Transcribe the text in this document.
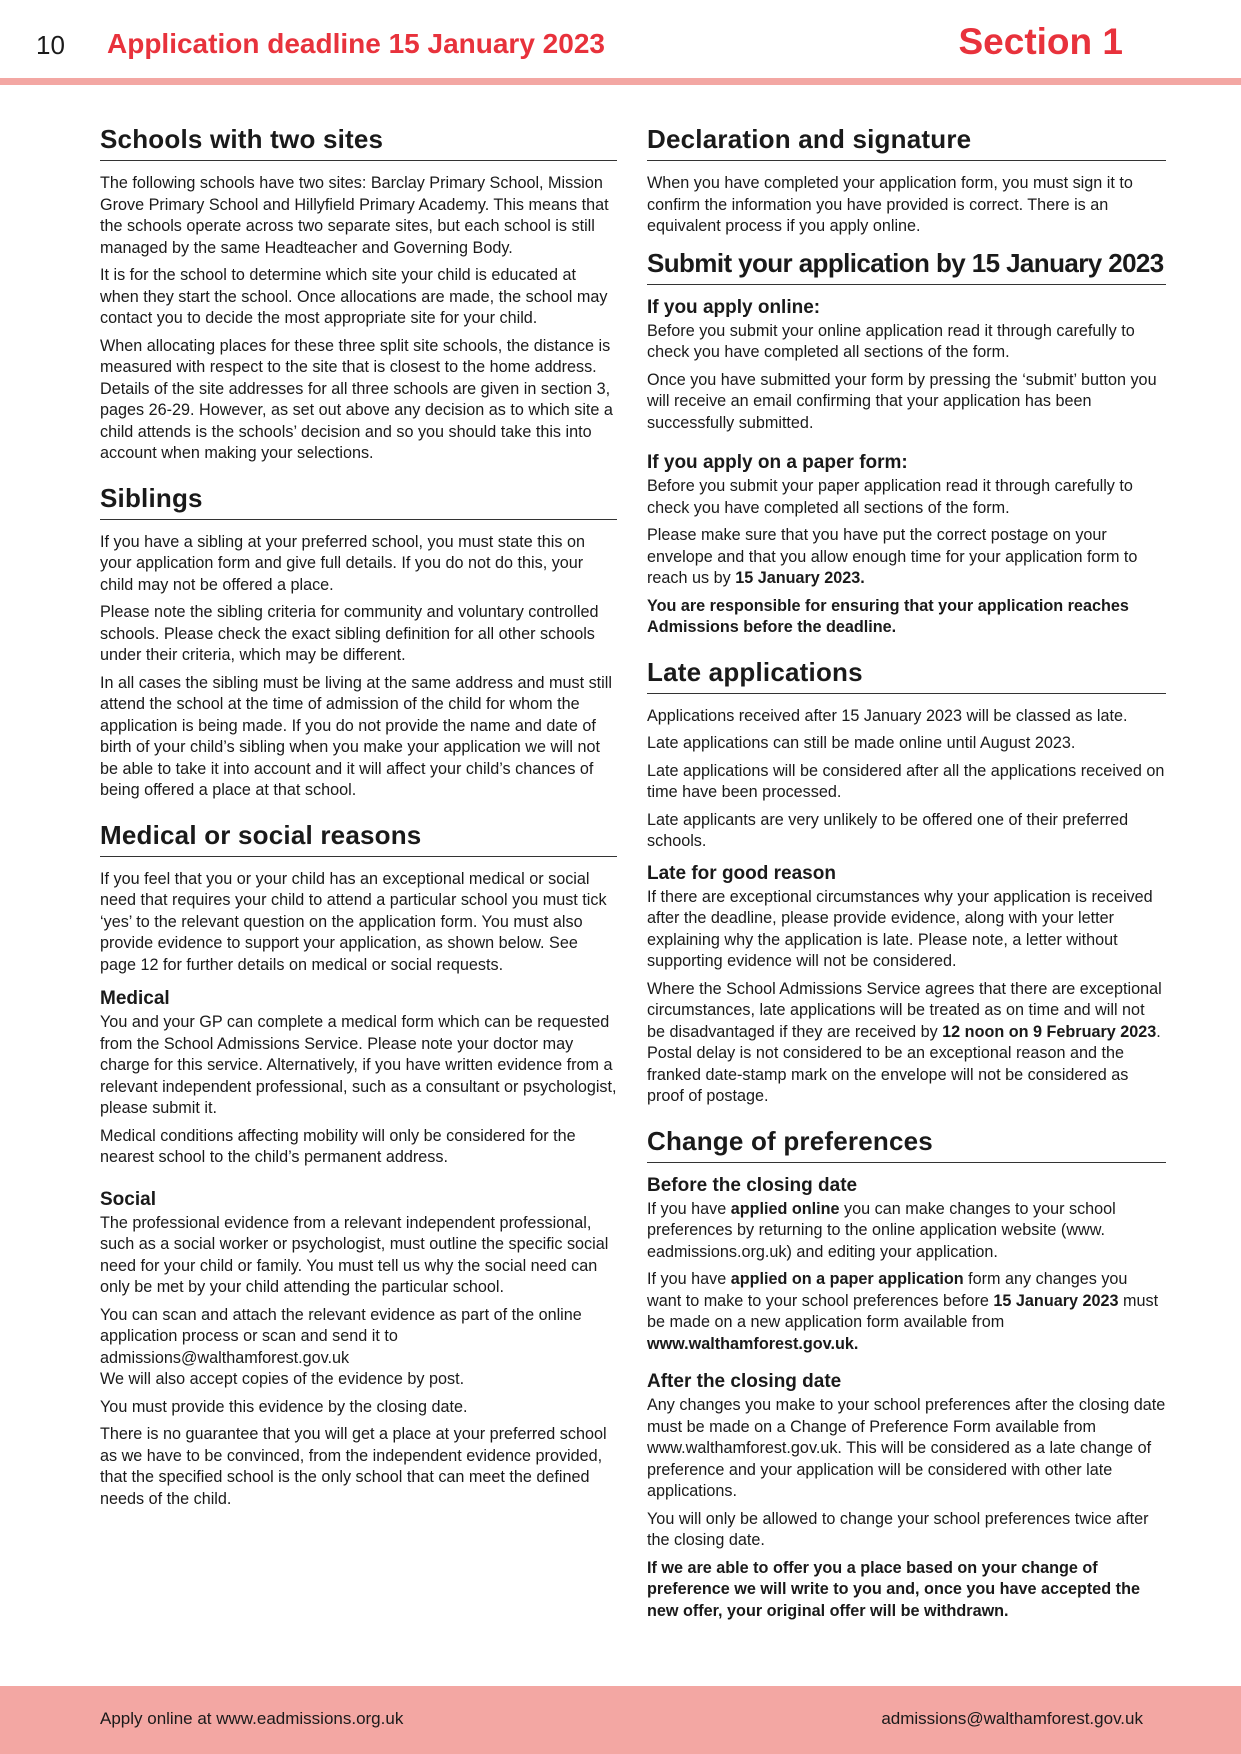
10 Application deadline 15 January 2023	Section 1
Schools with two sites

The following schools have two sites: Barclay Primary School, Mission Grove Primary School and Hillyfield Primary Academy. This means that the schools operate across two separate sites, but each school is still managed by the same Headteacher and Governing Body.

It is for the school to determine which site your child is educated at when they start the school. Once allocations are made, the school may contact you to decide the most appropriate site for your child.

When allocating places for these three split site schools, the distance is measured with respect to the site that is closest to the home address. Details of the site addresses for all three schools are given in section 3, pages 26-29. However, as set out above any decision as to which site a child attends is the schools’ decision and so you should take this into account when making your selections.

Siblings

If you have a sibling at your preferred school, you must state this on your application form and give full details. If you do not do this, your child may not be offered a place.

Please note the sibling criteria for community and voluntary controlled schools. Please check the exact sibling definition for all other schools under their criteria, which may be different.

In all cases the sibling must be living at the same address and must still attend the school at the time of admission of the child for whom the application is being made. If you do not provide the name and date of birth of your child’s sibling when you make your application we will not be able to take it into account and it will affect your child’s chances of being offered a place at that school.

Medical or social reasons

If you feel that you or your child has an exceptional medical or social need that requires your child to attend a particular school you must tick ‘yes’ to the relevant question on the application form. You must also provide evidence to support your application, as shown below. See page 12 for further details on medical or social requests.

Medical

You and your GP can complete a medical form which can be requested from the School Admissions Service. Please note your doctor may charge for this service. Alternatively, if you have written evidence from a relevant independent professional, such as a consultant or psychologist, please submit it.

Medical conditions affecting mobility will only be considered for the nearest school to the child’s permanent address.

Social

The professional evidence from a relevant independent professional, such as a social worker or psychologist, must outline the specific social need for your child or family. You must tell us why the social need can only be met by your child attending the particular school.

You can scan and attach the relevant evidence as part of the online application process or scan and send it to admissions@walthamforest.gov.uk

We will also accept copies of the evidence by post.

You must provide this evidence by the closing date.

There is no guarantee that you will get a place at your preferred school as we have to be convinced, from the independent evidence provided, that the specified school is the only school that can meet the defined needs of the child.

Declaration and signature

When you have completed your application form, you must sign it to confirm the information you have provided is correct. There is an equivalent process if you apply online.

Submit your application by 15 January 2023
If you apply online:

Before you submit your online application read it through carefully to check you have completed all sections of the form.

Once you have submitted your form by pressing the ‘submit’ button you will receive an email confirming that your application has been successfully submitted.

If you apply on a paper form:

Before you submit your paper application read it through carefully to check you have completed all sections of the form.

Please make sure that you have put the correct postage on your envelope and that you allow enough time for your application form to reach us by 15 January 2023.

You are responsible for ensuring that your application reaches Admissions before the deadline.

Late applications

Applications received after 15 January 2023 will be classed as late.

Late applications can still be made online until August 2023.

Late applications will be considered after all the applications received on time have been processed.

Late applicants are very unlikely to be offered one of their preferred schools.

Late for good reason

If there are exceptional circumstances why your application is received after the deadline, please provide evidence, along with your letter explaining why the application is late. Please note, a letter without supporting evidence will not be considered.

Where the School Admissions Service agrees that there are exceptional circumstances, late applications will be treated as on time and will not be disadvantaged if they are received by 12 noon on 9 February 2023. Postal delay is not considered to be an exceptional reason and the franked date-stamp mark on the envelope will not be considered as proof of postage.

Change of preferences
Before the closing date

If you have applied online you can make changes to your school preferences by returning to the online application website (www. eadmissions.org.uk) and editing your application.

If you have applied on a paper application form any changes you want to make to your school preferences before 15 January 2023 must be made on a new application form available from www.walthamforest.gov.uk.

After the closing date

Any changes you make to your school preferences after the closing date must be made on a Change of Preference Form available from www.walthamforest.gov.uk. This will be considered as a late change of preference and your application will be considered with other late applications.

You will only be allowed to change your school preferences twice after the closing date.

If we are able to offer you a place based on your change of preference we will write to you and, once you have accepted the new offer, your original offer will be withdrawn.

Apply online at www.eadmissions.org.uk	admissions@walthamforest.gov.uk
